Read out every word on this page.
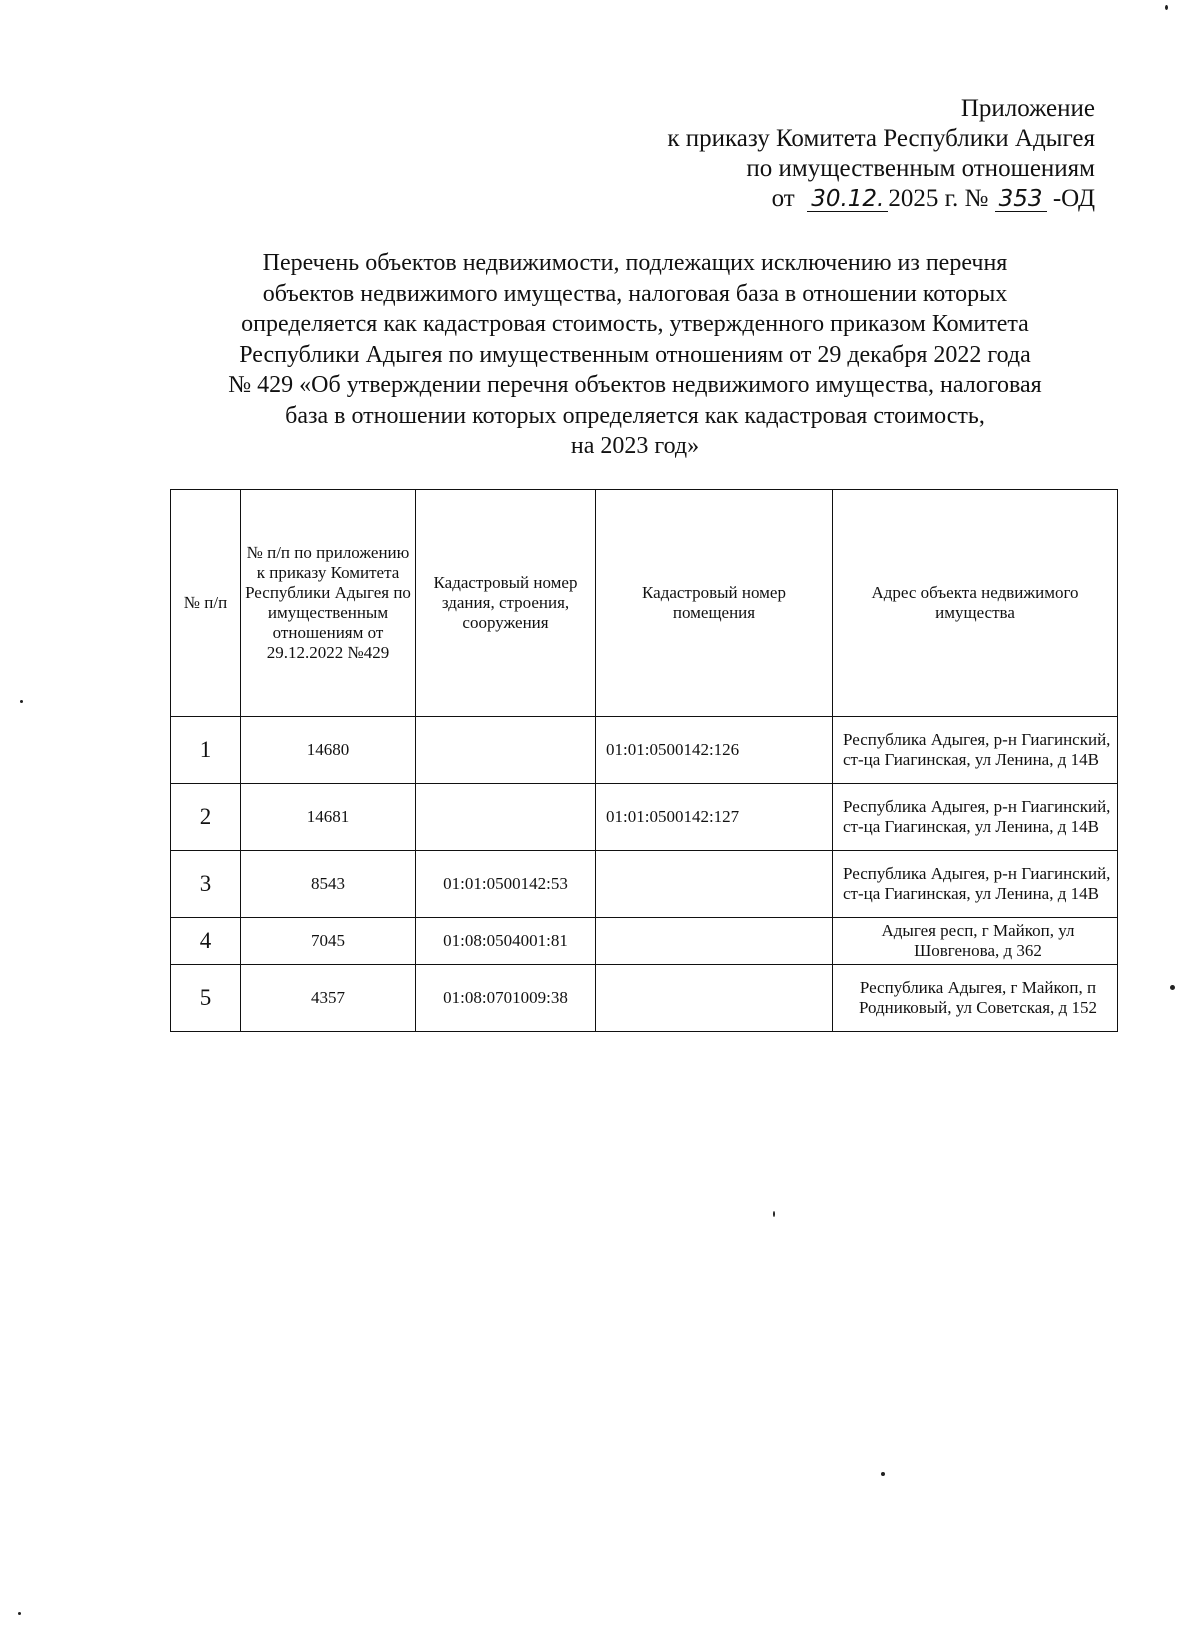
Приложение
к приказу Комитета Республики Адыгея
по имущественным отношениям
от 30.12. 2025 г. № 353 -ОД
Перечень объектов недвижимости, подлежащих исключению из перечня
объектов недвижимого имущества, налоговая база в отношении которых
определяется как кадастровая стоимость, утвержденного приказом Комитета
Республики Адыгея по имущественным отношениям от 29 декабря 2022 года
№ 429 «Об утверждении перечня объектов недвижимого имущества, налоговая
база в отношении которых определяется как кадастровая стоимость,
на 2023 год»
№ п/п	№ п/п по приложению к приказу Комитета Республики Адыгея по имущественным отношениям от 29.12.2022 №429	Кадастровый номер здания, строения, сооружения	Кадастровый номер помещения	Адрес объекта недвижимого имущества
1	14680		01:01:0500142:126	Республика Адыгея, р-н Гиагинский, ст-ца Гиагинская, ул Ленина, д 14В
2	14681		01:01:0500142:127	Республика Адыгея, р-н Гиагинский, ст-ца Гиагинская, ул Ленина, д 14В
3	8543	01:01:0500142:53		Республика Адыгея, р-н Гиагинский, ст-ца Гиагинская, ул Ленина, д 14В
4	7045	01:08:0504001:81		Адыгея респ, г Майкоп, ул Шовгенова, д 362
5	4357	01:08:0701009:38		Республика Адыгея, г Майкоп, п Родниковый, ул Советская, д 152
